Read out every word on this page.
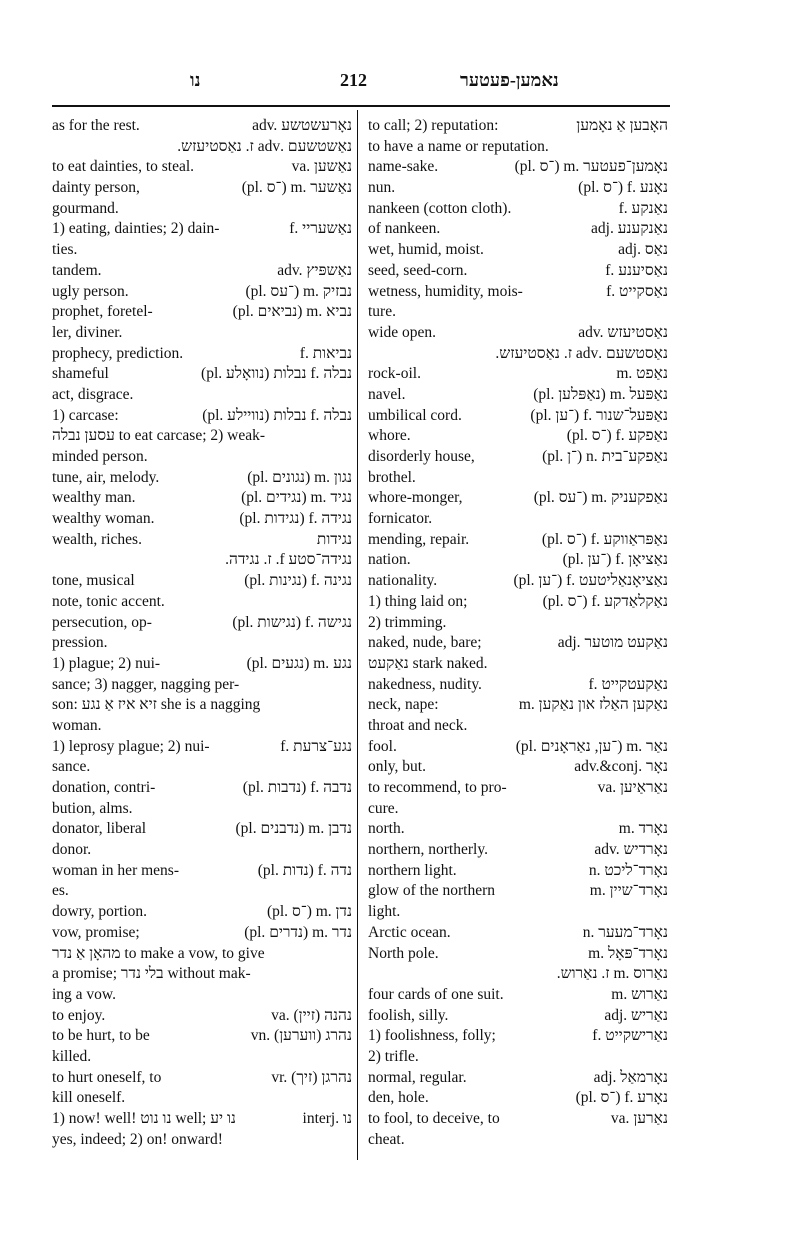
נו	212	נאמען-פעטער
as for the rest.	adv. נאָרעשטשע
נאַשטשעם .adv ז. נאַסטיעזש.
to eat dainties, to steal.	va. נאַשען
dainty person,	(pl. ־ס) m. נאַשער
gourmand.
1) eating, dainties; 2) dain-	f. נאַשעריי
ties.
tandem.	adv. נאַשפּיץ
ugly person.	(pl. ־עס) m. נבזיק
prophet, foretel-	(pl. נביאים) m. נביא
ler, diviner.
prophecy, prediction.	f. נביאות
shameful	(pl. נבלות (נוואָלע f. נבלה
act, disgrace.
1) carcase:	(pl. נבלות (נוויילע f. נבלה
עסען נבלה to eat carcase; 2) weak-
minded person.
tune, air, melody.	(pl. נגונים) m. נגון
wealthy man.	(pl. נגידים) m. נגיד
wealthy woman.	(pl. נגידות) f. נגידה
wealth, riches.	נגידות
נגידה־סטע f. ז. נגידה.
tone, musical	(pl. נגינות) f. נגינה
note, tonic accent.
persecution, op-	(pl. נגישות) f. נגישה
pression.
1) plague; 2) nui-	(pl. נגעים) m. נגע
sance; 3) nagger, nagging per-
son: זיא איז אַ נגע she is a nagging
woman.
1) leprosy plague; 2) nui-	f. נגע־צרעת
sance.
donation, contri-	(pl. נדבות) f. נדבה
bution, alms.
donator, liberal	(pl. נדבנים) m. נדבן
donor.
woman in her mens-	(pl. נדות) f. נדה
es.
dowry, portion.	(pl. ־ס) m. נדן
vow, promise;	(pl. נדרים) m. נדר
מהאָן אַ נדר to make a vow, to give
a promise; בלי נדר without mak-
ing a vow.
to enjoy.	va. (זיין) נהנה
to be hurt, to be	vn. (ווערען) נהרג
killed.
to hurt oneself, to	vr. (זיך) נהרגן
kill oneself.
1) now! well! נו נוט well; נו יע	interj. נו
yes, indeed; 2) on! onward!
to call; 2) reputation:	האָבען אַ נאָמען
to have a name or reputation.
name-sake.	(pl. ־ס) m. נאָמען־פעטער
nun.	(pl. ־ס) f. נאָנע
nankeen (cotton cloth).	f. נאַנקע
of nankeen.	adj. נאַנקענע
wet, humid, moist.	adj. נאַס
seed, seed-corn.	f. נאַסיענע
wetness, humidity, mois-	f. נאַסקייט
ture.
wide open.	adv. נאַסטיעזש
נאַסטשעם .adv ז. נאַסטיעזש.
rock-oil.	m. נאַפט
navel.	(pl. נאַפּלען) m. נאַפּעל
umbilical cord.	(pl. ־ען) f. נאַפּעל־שנור
whore.	(pl. ־ס) f. נאַפקע
disorderly house,	(pl. ־ן) n. נאַפקע־בית
brothel.
whore-monger,	(pl. ־עס) m. נאַפקעניק
fornicator.
mending, repair.	(pl. ־ס) f. נאַפּראַווקע
nation.	(pl. ־ען) f. נאַציאָן
nationality.	(pl. ־ען) f. נאַציאָנאַליטעט
1) thing laid on;	(pl. ־ס) f. נאַקלאַדקע
2) trimming.
naked, nude, bare;	adj. נאַקעט מוטער
נאַקעט stark naked.
nakedness, nudity.	f. נאַקעטקייט
neck, nape:	m. נאַקען האַלז און נאַקען
throat and neck.
fool.	(pl. ־ען, נאַראָנים) m. נאַר
only, but.	adv.&conj. נאָר
to recommend, to pro-	va. נאַראַיען
cure.
north.	m. נאָרד
northern, northerly.	adv. נאָרדיש
northern light.	n. נאָרד־ליכט
glow of the northern	m. נאָרד־שיין
light.
Arctic ocean.	n. נאָרד־מעער
North pole.	m. נאָרד־פּאָל
נאַרוס .m ז. נאַרוש.
four cards of one suit.	m. נאַרוש
foolish, silly.	adj. נאַריש
1) foolishness, folly;	f. נאַרישקייט
2) trifle.
normal, regular.	adj. נאָרמאַל
den, hole.	(pl. ־ס) f. נאָרע
to fool, to deceive, to	va. נאַרען
cheat.
